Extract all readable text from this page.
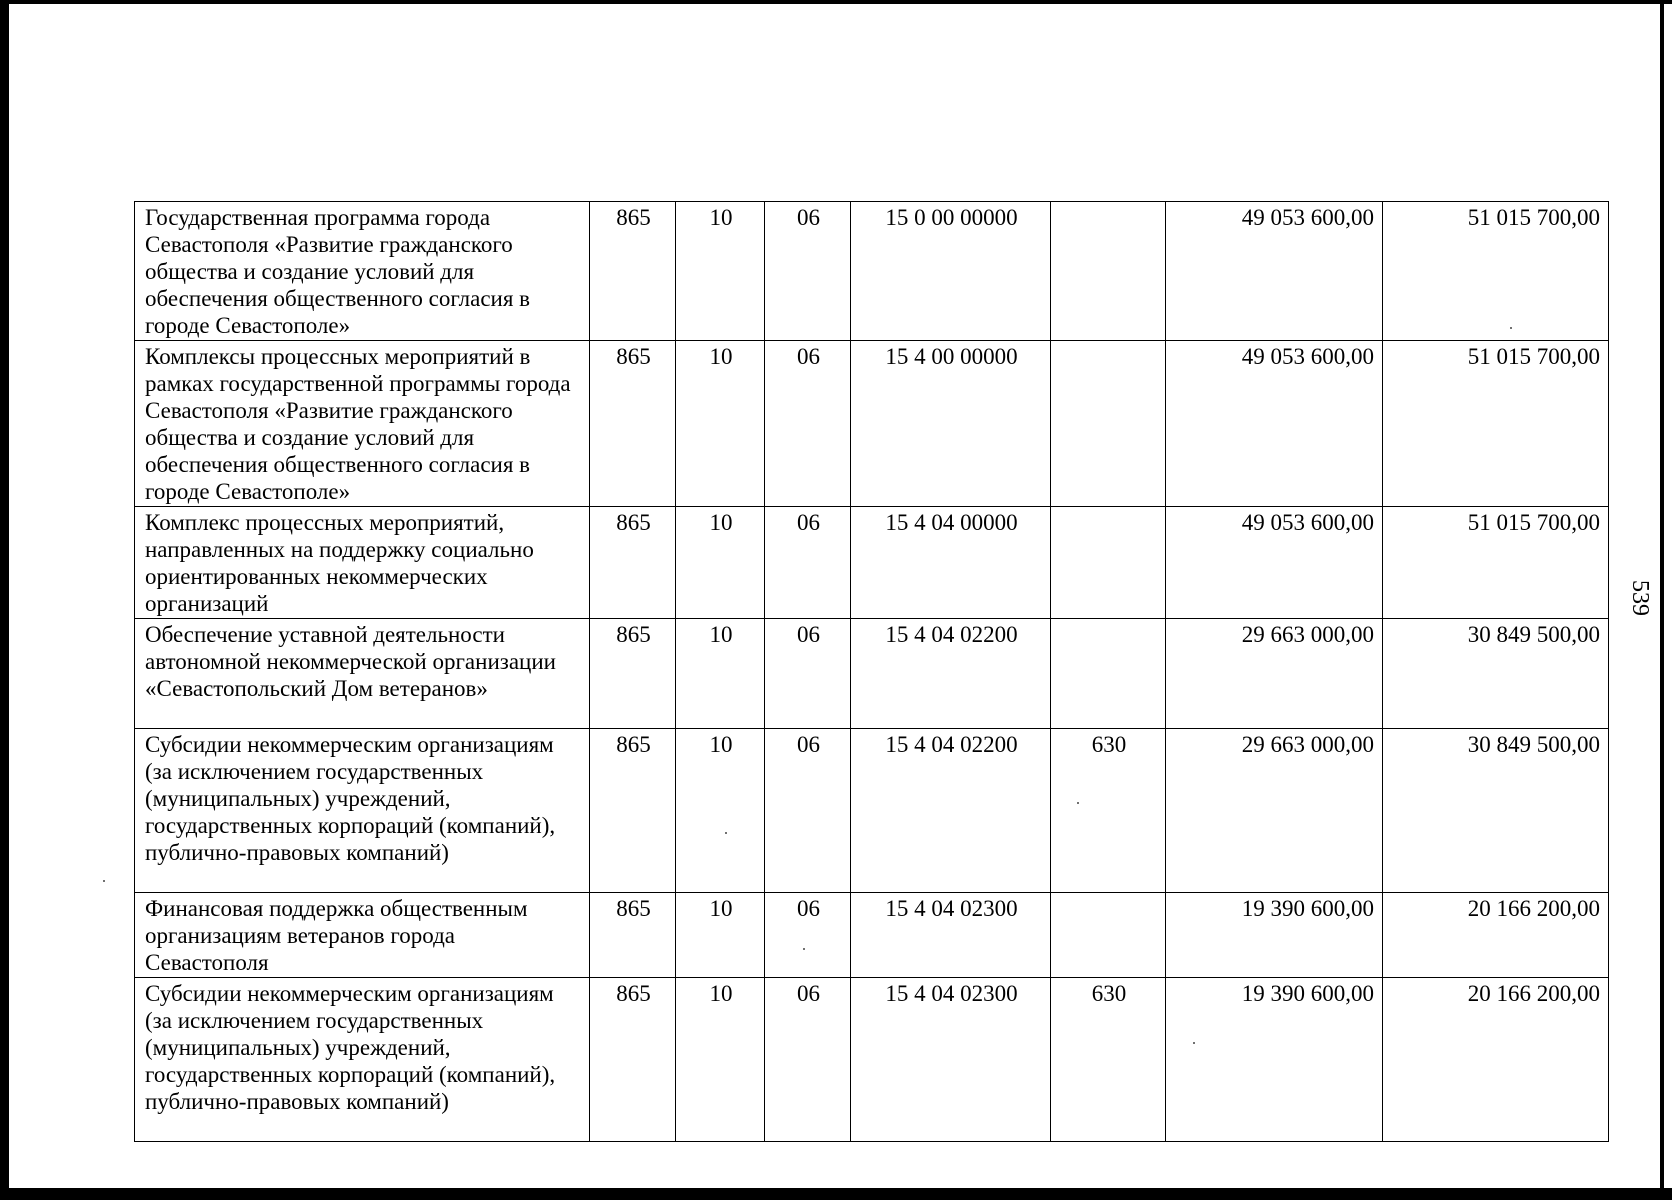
539
Государственная программа города Севастополя «Развитие гражданского общества и создание условий для обеспечения общественного согласия в городе Севастополе»	865	10	06	15 0 00 00000		49 053 600,00	51 015 700,00
Комплексы процессных мероприятий в рамках государственной программы города Севастополя «Развитие гражданского общества и создание условий для обеспечения общественного согласия в городе Севастополе»	865	10	06	15 4 00 00000		49 053 600,00	51 015 700,00
Комплекс процессных мероприятий, направленных на поддержку социально ориентированных некоммерческих организаций	865	10	06	15 4 04 00000		49 053 600,00	51 015 700,00
Обеспечение уставной деятельности автономной некоммерческой организации «Севастопольский Дом ветеранов»	865	10	06	15 4 04 02200		29 663 000,00	30 849 500,00
Субсидии некоммерческим организациям (за исключением государственных (муниципальных) учреждений, государственных корпораций (компаний), публично-правовых компаний)	865	10	06	15 4 04 02200	630	29 663 000,00	30 849 500,00
Финансовая поддержка общественным организациям ветеранов города Севастополя	865	10	06	15 4 04 02300		19 390 600,00	20 166 200,00
Субсидии некоммерческим организациям (за исключением государственных (муниципальных) учреждений, государственных корпораций (компаний), публично-правовых компаний)	865	10	06	15 4 04 02300	630	19 390 600,00	20 166 200,00
